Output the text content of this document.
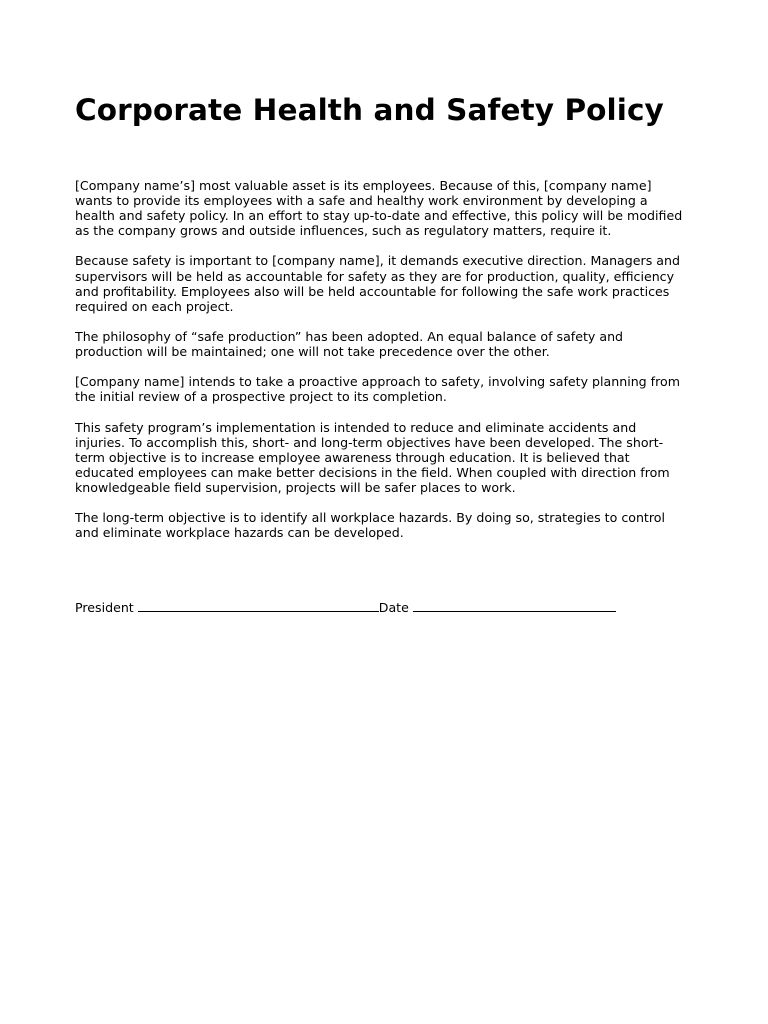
Corporate Health and Safety Policy

[Company name’s] most valuable asset is its employees. Because of this, [company name] wants to provide its employees with a safe and healthy work environment by developing a health and safety policy. In an effort to stay up-to-date and effective, this policy will be modified as the company grows and outside influences, such as regulatory matters, require it.

Because safety is important to [company name], it demands executive direction. Managers and supervisors will be held as accountable for safety as they are for production, quality, efficiency and profitability. Employees also will be held accountable for following the safe work practices required on each project.

The philosophy of “safe production” has been adopted. An equal balance of safety and production will be maintained; one will not take precedence over the other.

[Company name] intends to take a proactive approach to safety, involving safety planning from the initial review of a prospective project to its completion.

This safety program’s implementation is intended to reduce and eliminate accidents and injuries. To accomplish this, short- and long-term objectives have been developed. The short-term objective is to increase employee awareness through education. It is believed that educated employees can make better decisions in the field. When coupled with direction from knowledgeable field supervision, projects will be safer places to work.

The long-term objective is to identify all workplace hazards. By doing so, strategies to control and eliminate workplace hazards can be developed.

President	Date
